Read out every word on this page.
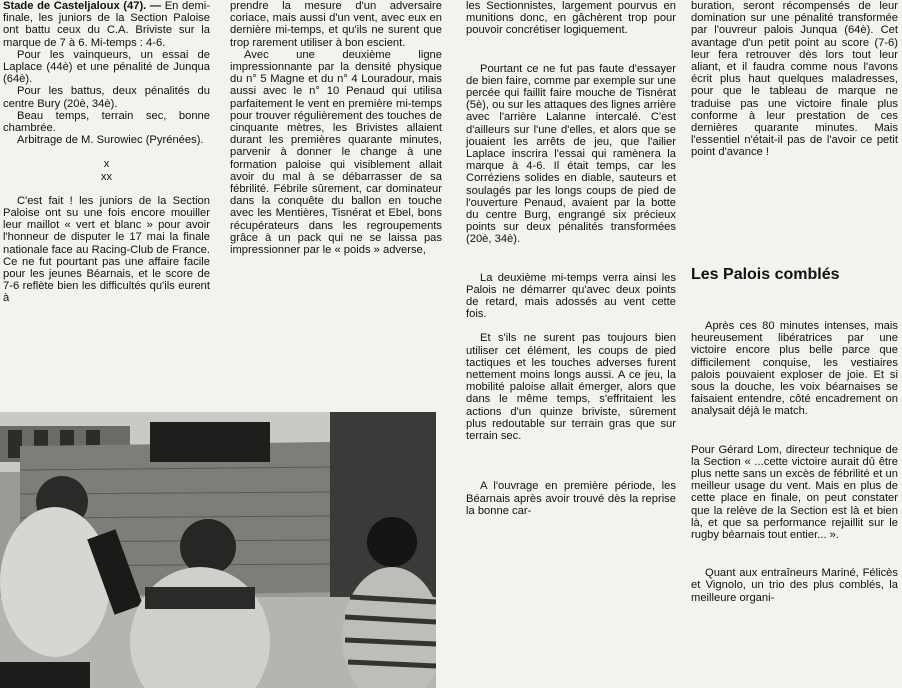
Stade de Casteljaloux (47). — En demi-finale, les juniors de la Section Paloise ont battu ceux du C.A. Briviste sur la marque de 7 à 6. Mi-temps : 4-6.

Pour les vainqueurs, un essai de Laplace (44è) et une pénalité de Junqua (64è).

Pour les battus, deux pénalités du centre Bury (20è, 34è).

Beau temps, terrain sec, bonne chambrée.

Arbitrage de M. Surowiec (Pyrénées).

x

xx

C'est fait ! les juniors de la Section Paloise ont su une fois encore mouiller leur maillot « vert et blanc » pour avoir l'honneur de disputer le 17 mai la finale nationale face au Racing-Club de France. Ce ne fut pourtant pas une affaire facile pour les jeunes Béarnais, et le score de 7-6 reflète bien les difficultés qu'ils eurent à

prendre la mesure d'un adversaire coriace, mais aussi d'un vent, avec eux en dernière mi-temps, et qu'ils ne surent que trop rarement utiliser à bon escient.

Avec une deuxième ligne impressionnante par la densité physique du n° 5 Magne et du n° 4 Louradour, mais aussi avec le n° 10 Penaud qui utilisa parfaitement le vent en première mi-temps pour trouver régulièrement des touches de cinquante mètres, les Brivistes allaient durant les premières quarante minutes, parvenir à donner le change à une formation paloise qui visiblement allait avoir du mal à se débarrasser de sa fébrilité. Fébrile sûrement, car dominateur dans la conquête du ballon en touche avec les Mentières, Tisnérat et Ebel, bons récupérateurs dans les regroupements grâce à un pack qui ne se laissa pas impressionner par le « poids » adverse,

les Sectionnistes, largement pourvus en munitions donc, en gâchèrent trop pour pouvoir concrétiser logiquement.

Pourtant ce ne fut pas faute d'essayer de bien faire, comme par exemple sur une percée qui faillit faire mouche de Tisnérat (5è), ou sur les attaques des lignes arrière avec l'arrière Lalanne intercalé. C'est d'ailleurs sur l'une d'elles, et alors que se jouaient les arrêts de jeu, que l'ailier Laplace inscrira l'essai qui ramènera la marque à 4-6. Il était temps, car les Corréziens solides en diable, sauteurs et soulagés par les longs coups de pied de l'ouverture Penaud, avaient par la botte du centre Burg, engrangé six précieux points sur deux pénalités transformées (20è, 34è).

La deuxième mi-temps verra ainsi les Palois ne démarrer qu'avec deux points de retard, mais adossés au vent cette fois.

Et s'ils ne surent pas toujours bien utiliser cet élément, les coups de pied tactiques et les touches adverses furent nettement moins longs aussi. A ce jeu, la mobilité paloise allait émerger, alors que dans le même temps, s'effritaient les actions d'un quinze briviste, sûrement plus redoutable sur terrain gras que sur terrain sec.

A l'ouvrage en première période, les Béarnais après avoir trouvé dès la reprise la bonne car-

buration, seront récompensés de leur domination sur une pénalité transformée par l'ouvreur palois Junqua (64è). Cet avantage d'un petit point au score (7-6) leur fera retrouver dès lors tout leur aliant, et il faudra comme nous l'avons écrit plus haut quelques maladresses, pour que le tableau de marque ne traduise pas une victoire finale plus conforme à leur prestation de ces dernières quarante minutes. Mais l'essentiel n'était-il pas de l'avoir ce petit point d'avance !

Les Palois comblés

Après ces 80 minutes intenses, mais heureusement libératrices par une victoire encore plus belle parce que difficilement conquise, les vestiaires palois pouvaient exploser de joie. Et si sous la douche, les voix béarnaises se faisaient entendre, côté encadrement on analysait déjà le match.

Pour Gérard Lom, directeur technique de la Section « ...cette victoire aurait dû être plus nette sans un excès de fébrilité et un meilleur usage du vent. Mais en plus de cette place en finale, on peut constater que la relève de la Section est là et bien là, et que sa performance rejaillit sur le rugby béarnais tout entier... ».

Quant aux entraîneurs Mariné, Félicès et Vignolo, un trio des plus comblés, la meilleure organi-
